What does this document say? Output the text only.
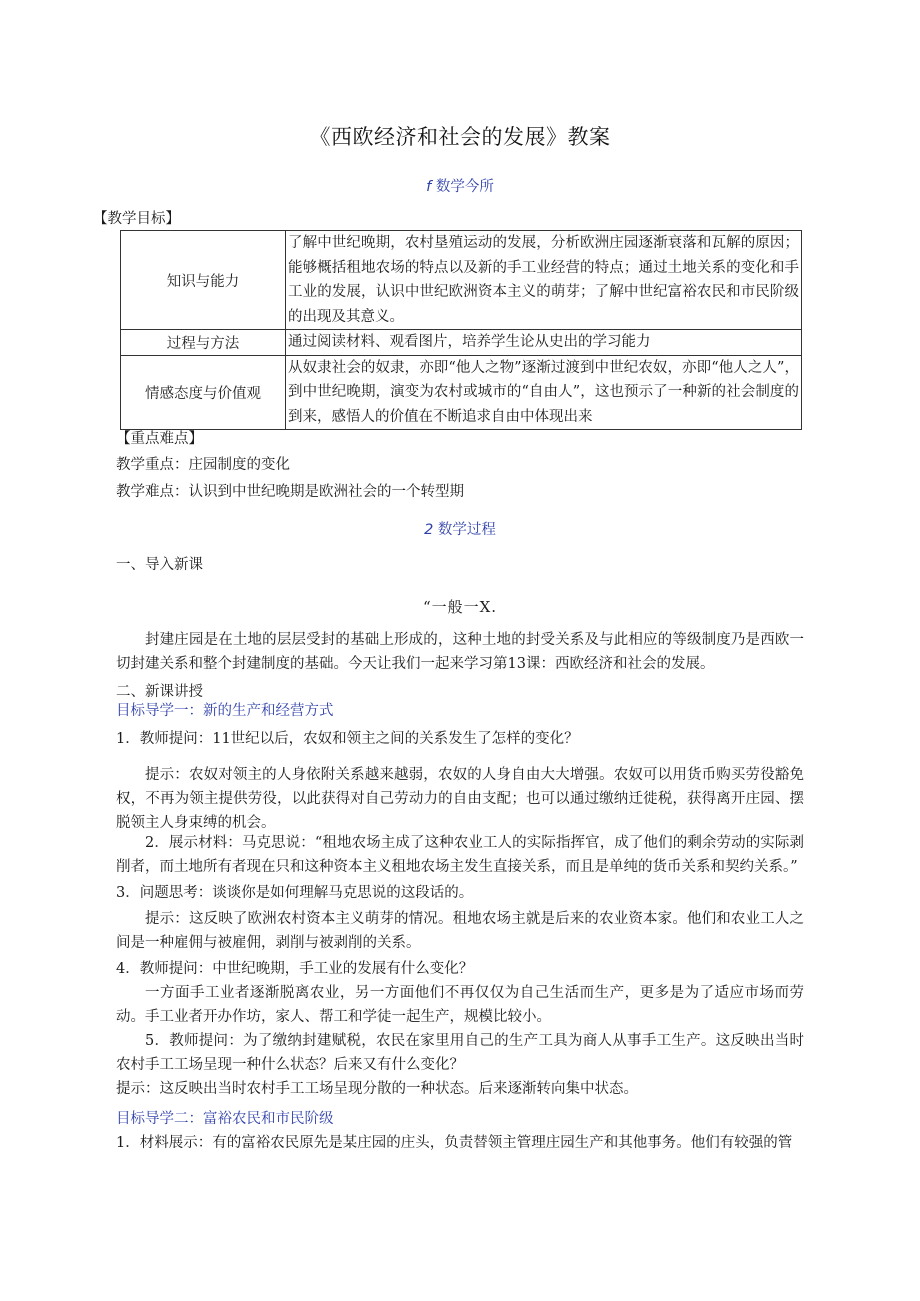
《西欧经济和社会的发展》教案
f 数学今所
【教学目标】
知识与能力	了解中世纪晚期，农村垦殖运动的发展，分析欧洲庄园逐渐衰落和瓦解的原因；能够概括租地农场的特点以及新的手工业经营的特点；通过土地关系的变化和手工业的发展，认识中世纪欧洲资本主义的萌芽；了解中世纪富裕农民和市民阶级的出现及其意义。
过程与方法	通过阅读材料、观看图片，培养学生论从史出的学习能力
情感态度与价值观	从奴隶社会的奴隶，亦即“他人之物”逐渐过渡到中世纪农奴，亦即“他人之人”，到中世纪晚期，演变为农村或城市的“自由人”，这也预示了一种新的社会制度的到来，感悟人的价值在不断追求自由中体现出来
【重点难点】
教学重点：庄园制度的变化
教学难点：认识到中世纪晚期是欧洲社会的一个转型期
2 数学过程
一、导入新课
“一般一X.
封建庄园是在土地的层层受封的基础上形成的，这种土地的封受关系及与此相应的等级制度乃是西欧一切封建关系和整个封建制度的基础。今天让我们一起来学习第13课：西欧经济和社会的发展。
二、新课讲授
目标导学一：新的生产和经营方式
1．教师提问：11世纪以后，农奴和领主之间的关系发生了怎样的变化？
提示：农奴对领主的人身依附关系越来越弱，农奴的人身自由大大增强。农奴可以用货币购买劳役豁免权，不再为领主提供劳役，以此获得对自己劳动力的自由支配；也可以通过缴纳迁徙税，获得离开庄园、摆脱领主人身束缚的机会。
2．展示材料：马克思说：“租地农场主成了这种农业工人的实际指挥官，成了他们的剩余劳动的实际剥削者，而土地所有者现在只和这种资本主义租地农场主发生直接关系，而且是单纯的货币关系和契约关系。”
3．问题思考：谈谈你是如何理解马克思说的这段话的。
提示：这反映了欧洲农村资本主义萌芽的情况。租地农场主就是后来的农业资本家。他们和农业工人之间是一种雇佣与被雇佣，剥削与被剥削的关系。
4．教师提问：中世纪晚期，手工业的发展有什么变化？
一方面手工业者逐渐脱离农业，另一方面他们不再仅仅为自己生活而生产，更多是为了适应市场而劳动。手工业者开办作坊，家人、帮工和学徒一起生产，规模比较小。
5．教师提问：为了缴纳封建赋税，农民在家里用自己的生产工具为商人从事手工生产。这反映出当时农村手工工场呈现一种什么状态？后来又有什么变化？
提示：这反映出当时农村手工工场呈现分散的一种状态。后来逐渐转向集中状态。
目标导学二：富裕农民和市民阶级
1．材料展示：有的富裕农民原先是某庄园的庄头，负责替领主管理庄园生产和其他事务。他们有较强的管
